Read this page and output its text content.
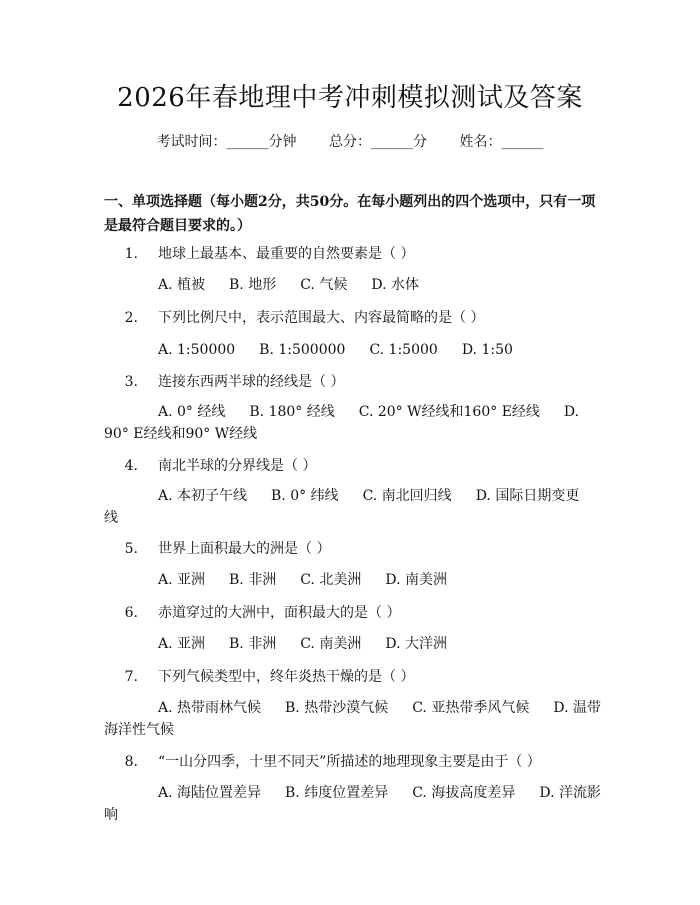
2026年春地理中考冲刺模拟测试及答案
考试时间：______分钟 总分：______分 姓名：______
一、单项选择题（每小题2分，共50分。在每小题列出的四个选项中，只有一项是最符合题目要求的。）
1. 地球上最基本、最重要的自然要素是（ ）
A. 植被 B. 地形 C. 气候 D. 水体
2. 下列比例尺中，表示范围最大、内容最简略的是（ ）
A. 1:50000 B. 1:500000 C. 1:5000 D. 1:50
3. 连接东西两半球的经线是（ ）
A. 0° 经线 B. 180° 经线 C. 20° W经线和160° E经线 D. 90° E经线和90° W经线
4. 南北半球的分界线是（ ）
A. 本初子午线 B. 0° 纬线 C. 南北回归线 D. 国际日期变更线
5. 世界上面积最大的洲是（ ）
A. 亚洲 B. 非洲 C. 北美洲 D. 南美洲
6. 赤道穿过的大洲中，面积最大的是（ ）
A. 亚洲 B. 非洲 C. 南美洲 D. 大洋洲
7. 下列气候类型中，终年炎热干燥的是（ ）
A. 热带雨林气候 B. 热带沙漠气候 C. 亚热带季风气候 D. 温带海洋性气候
8. “一山分四季，十里不同天”所描述的地理现象主要是由于（ ）
A. 海陆位置差异 B. 纬度位置差异 C. 海拔高度差异 D. 洋流影响
